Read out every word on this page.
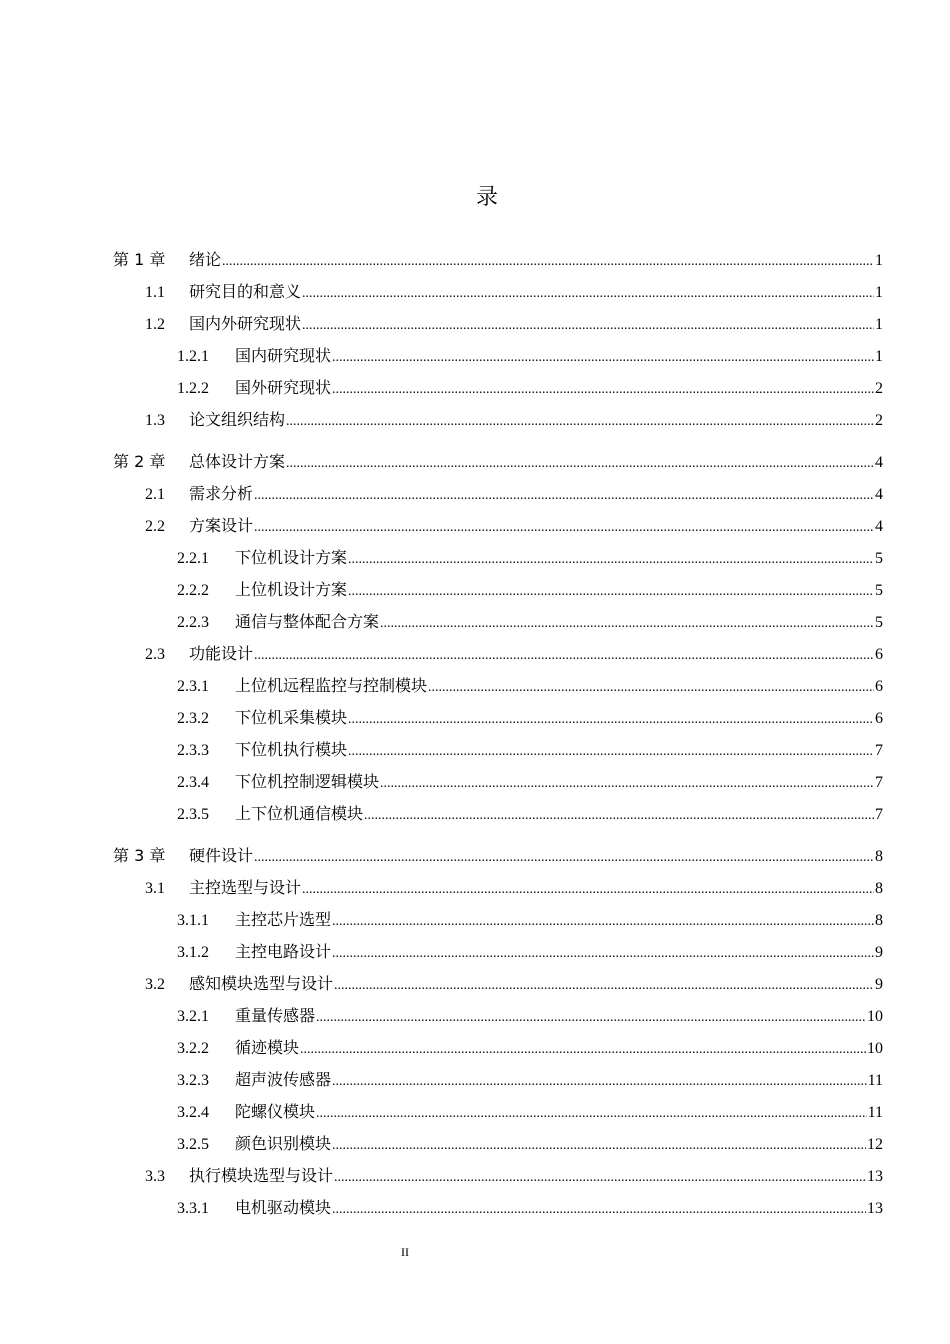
录
第 1 章	绪论 .....	1
1.1	研究目的和意义 .....	1
1.2	国内外研究现状 .....	1
1.2.1	国内研究现状 .....	1
1.2.2	国外研究现状 .....	2
1.3	论文组织结构 .....	2
第 2 章	总体设计方案 .....	4
2.1	需求分析 .....	4
2.2	方案设计 .....	4
2.2.1	下位机设计方案 .....	5
2.2.2	上位机设计方案 .....	5
2.2.3	通信与整体配合方案 .....	5
2.3	功能设计 .....	6
2.3.1	上位机远程监控与控制模块 .....	6
2.3.2	下位机采集模块 .....	6
2.3.3	下位机执行模块 .....	7
2.3.4	下位机控制逻辑模块 .....	7
2.3.5	上下位机通信模块 .....	7
第 3 章	硬件设计 .....	8
3.1	主控选型与设计 .....	8
3.1.1	主控芯片选型 .....	8
3.1.2	主控电路设计 .....	9
3.2	感知模块选型与设计 .....	9
3.2.1	重量传感器 .....	10
3.2.2	循迹模块 .....	10
3.2.3	超声波传感器 .....	11
3.2.4	陀螺仪模块 .....	11
3.2.5	颜色识别模块 .....	12
3.3	执行模块选型与设计 .....	13
3.3.1	电机驱动模块 .....	13
II
